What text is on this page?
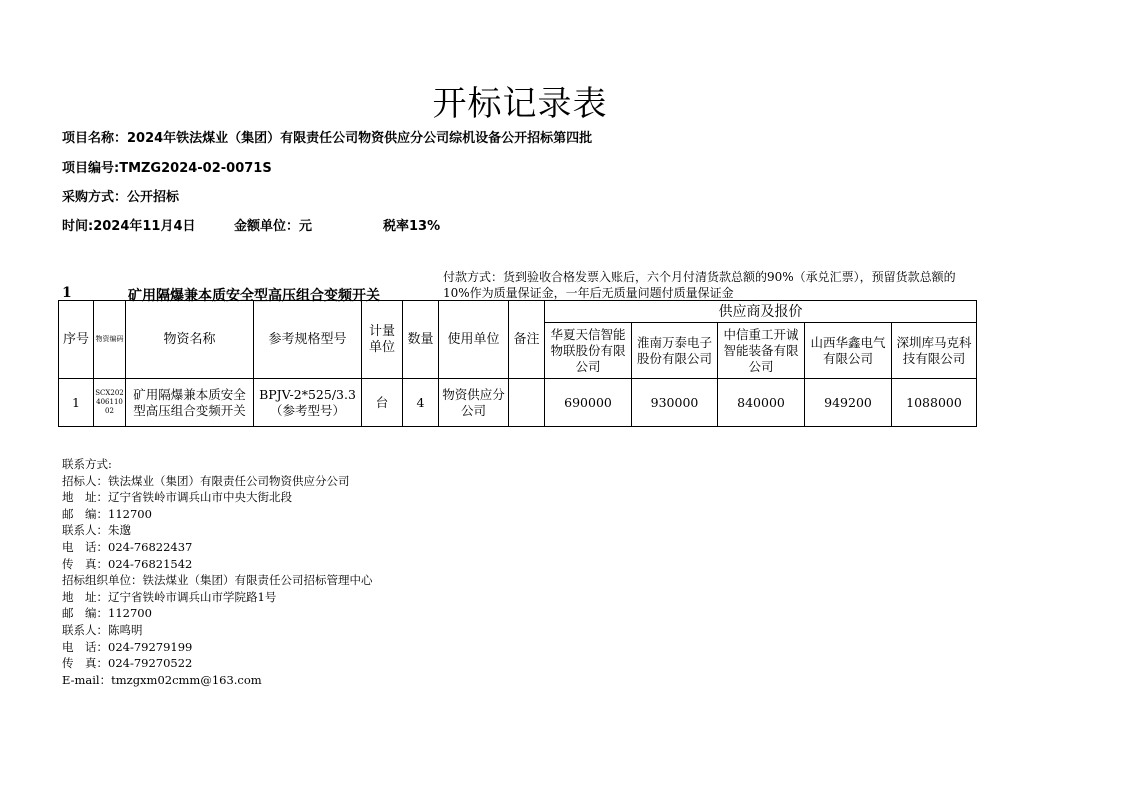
开标记录表
项目名称：2024年铁法煤业（集团）有限责任公司物资供应分公司综机设备公开招标第四批
项目编号:TMZG2024-02-0071S
采购方式：公开招标
时间:2024年11月4日	金额单位：元	税率13%
1	矿用隔爆兼本质安全型高压组合变频开关
付款方式：货到验收合格发票入账后，六个月付清货款总额的90%（承兑汇票），预留货款总额的10%作为质量保证金，一年后无质量问题付质量保证金
序号	物资编码	物资名称	参考规格型号	计量单位	数量	使用单位	备注	供应商及报价				
								华夏天信智能物联股份有限公司	淮南万泰电子股份有限公司	中信重工开诚智能装备有限公司	山西华鑫电气有限公司	深圳库马克科技有限公司
1	SCX20240611002	矿用隔爆兼本质安全型高压组合变频开关	BPJV-2*525/3.3（参考型号）	台	4	物资供应分公司		690000	930000	840000	949200	1088000
联系方式:
招标人：铁法煤业（集团）有限责任公司物资供应分公司
地　址：辽宁省铁岭市调兵山市中央大街北段
邮　编：112700
联系人：朱邈
电　话：024-76822437
传　真：024-76821542
招标组织单位：铁法煤业（集团）有限责任公司招标管理中心
地　址：辽宁省铁岭市调兵山市学院路1号
邮　编：112700
联系人：陈鸣明
电　话：024-79279199
传　真：024-79270522
E-mail：tmzgxm02cmm@163.com
